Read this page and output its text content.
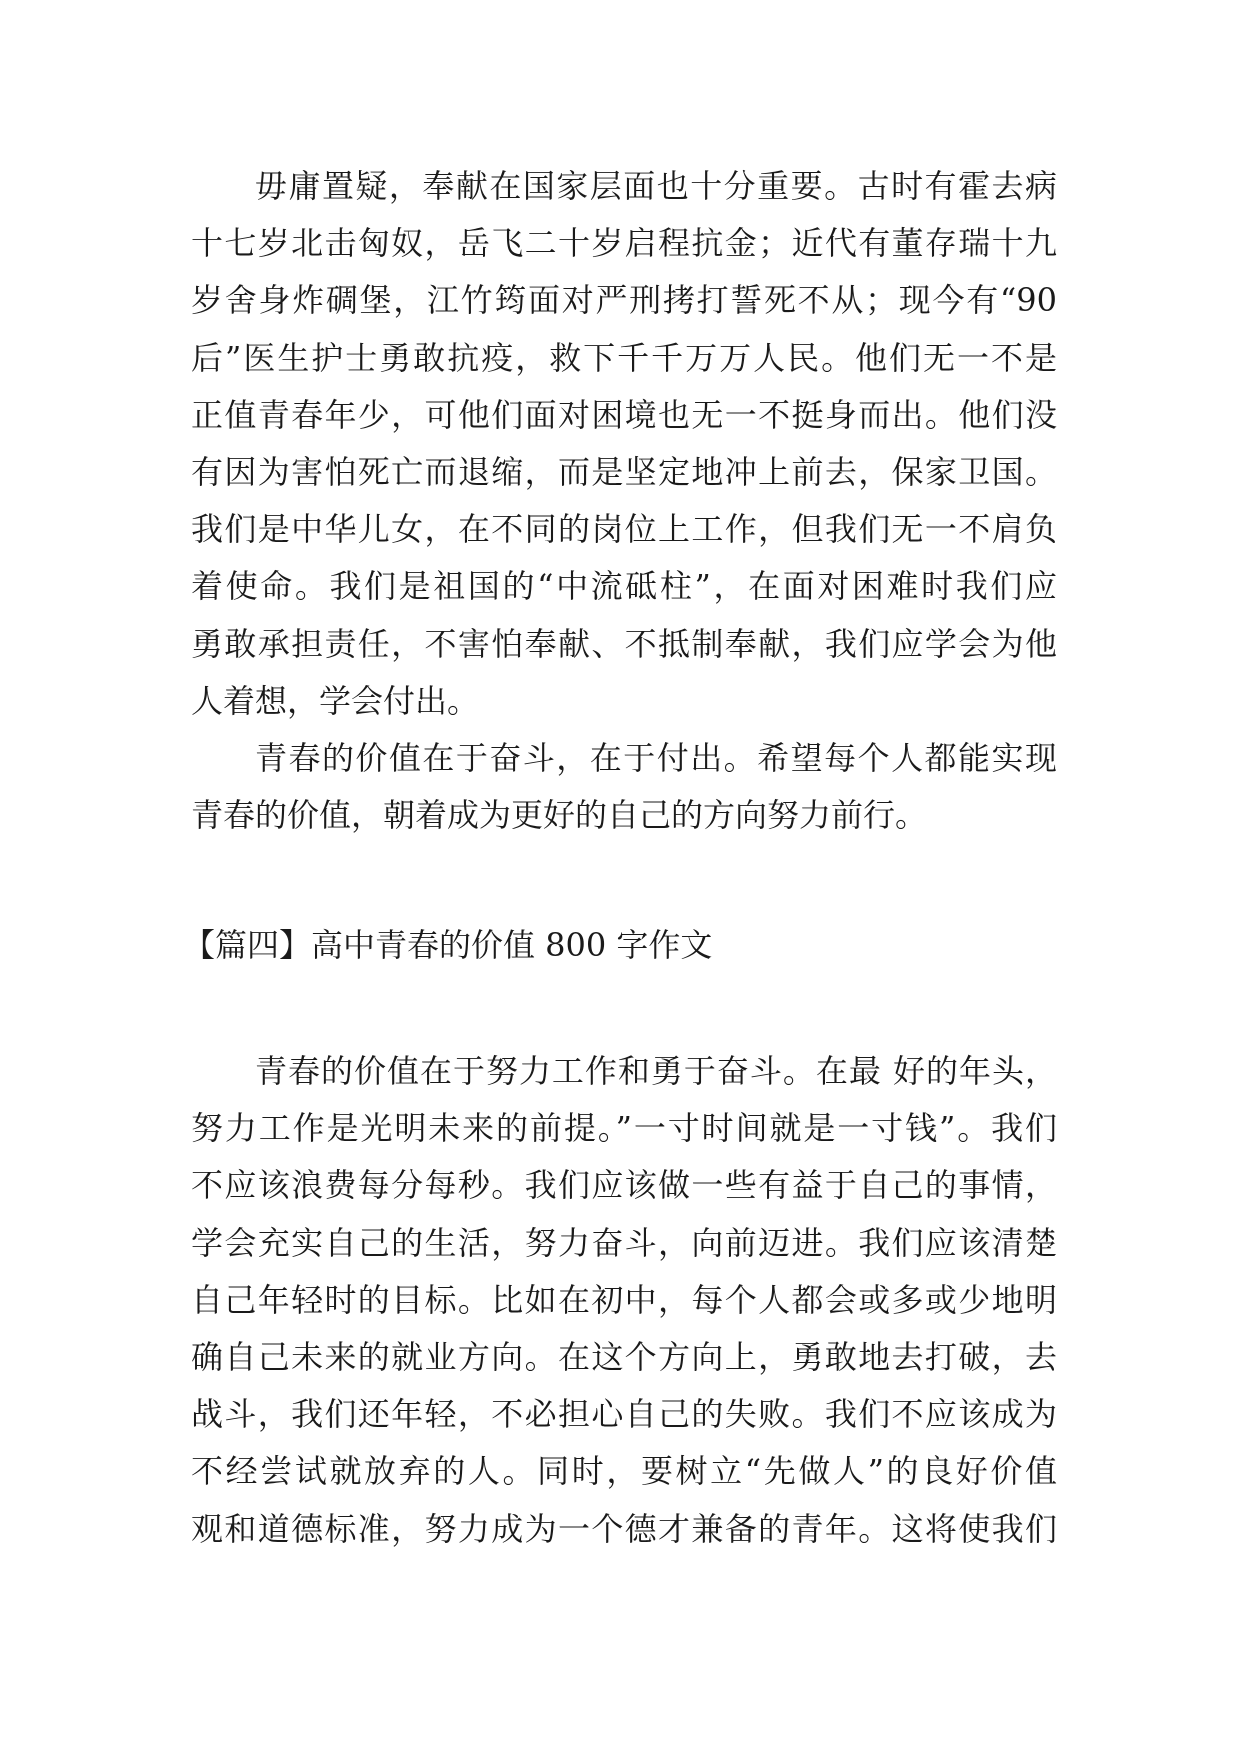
毋庸置疑，奉献在国家层面也十分重要。古时有霍去病
十七岁北击匈奴，岳飞二十岁启程抗金；近代有董存瑞十九
岁舍身炸碉堡，江竹筠面对严刑拷打誓死不从；现今有“90
后”医生护士勇敢抗疫，救下千千万万人民。他们无一不是
正值青春年少，可他们面对困境也无一不挺身而出。他们没
有因为害怕死亡而退缩，而是坚定地冲上前去，保家卫国。
我们是中华儿女，在不同的岗位上工作，但我们无一不肩负
着使命。我们是祖国的“中流砥柱”，在面对困难时我们应
勇敢承担责任，不害怕奉献、不抵制奉献，我们应学会为他
人着想，学会付出。
青春的价值在于奋斗，在于付出。希望每个人都能实现
青春的价值，朝着成为更好的自己的方向努力前行。
【篇四】高中青春的价值 800 字作文
青春的价值在于努力工作和勇于奋斗。在最 好的年头，
努力工作是光明未来的前提。”一寸时间就是一寸钱”。我们
不应该浪费每分每秒。我们应该做一些有益于自己的事情，
学会充实自己的生活，努力奋斗，向前迈进。我们应该清楚
自己年轻时的目标。比如在初中，每个人都会或多或少地明
确自己未来的就业方向。在这个方向上，勇敢地去打破，去
战斗，我们还年轻，不必担心自己的失败。我们不应该成为
不经尝试就放弃的人。同时，要树立“先做人”的良好价值
观和道德标准，努力成为一个德才兼备的青年。这将使我们
